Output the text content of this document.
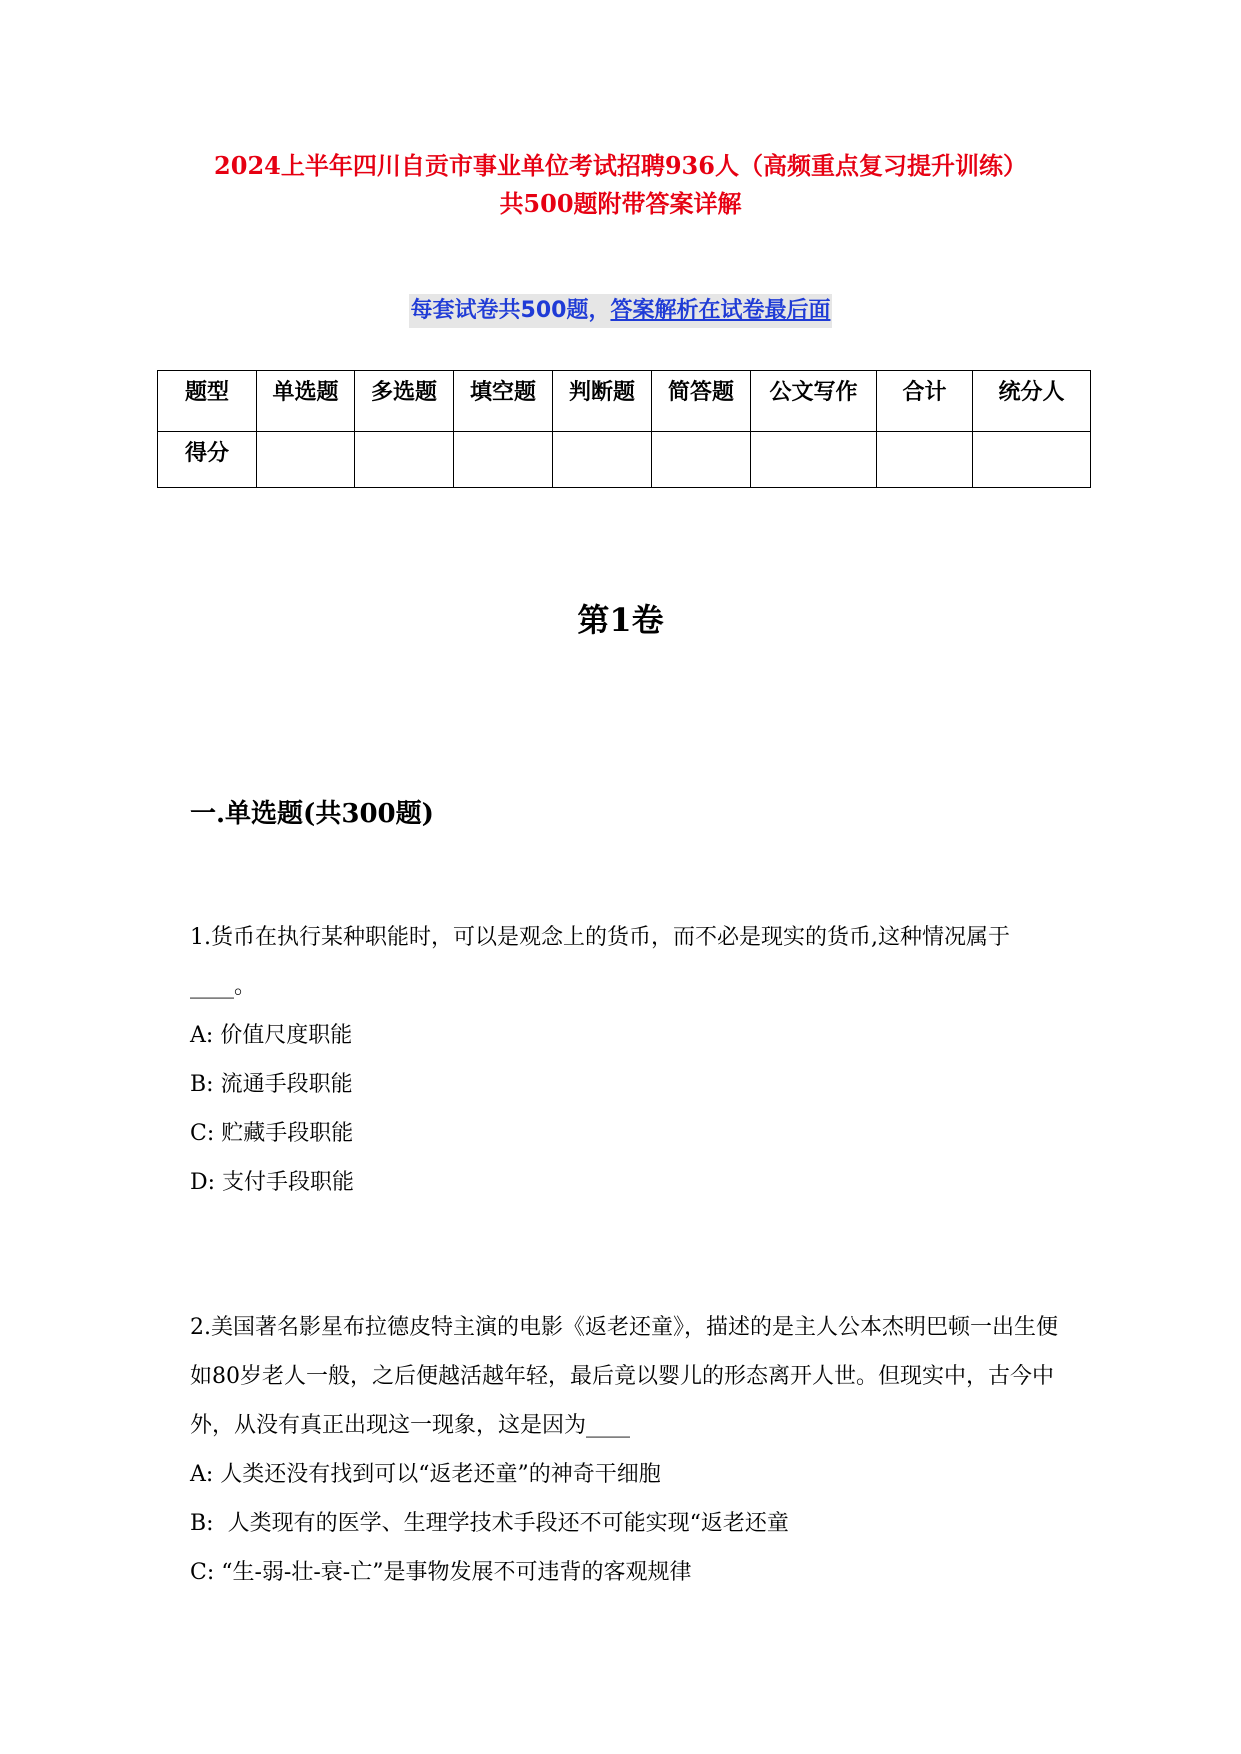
2024上半年四川自贡市事业单位考试招聘936人（高频重点复习提升训练）
共500题附带答案详解
每套试卷共500题，答案解析在试卷最后面
题型	单选题	多选题	填空题	判断题	简答题	公文写作	合计	统分人
得分								
第1卷
一.单选题(共300题)

1.货币在执行某种职能时，可以是观念上的货币，而不必是现实的货币,这种情况属于____。

A: 价值尺度职能

B: 流通手段职能

C: 贮藏手段职能

D: 支付手段职能

2.美国著名影星布拉德皮特主演的电影《返老还童》，描述的是主人公本杰明巴顿一出生便如80岁老人一般，之后便越活越年轻，最后竟以婴儿的形态离开人世。但现实中，古今中外，从没有真正出现这一现象，这是因为____

A: 人类还没有找到可以“返老还童”的神奇干细胞

B:  人类现有的医学、生理学技术手段还不可能实现“返老还童

C: “生-弱-壮-衰-亡”是事物发展不可违背的客观规律
